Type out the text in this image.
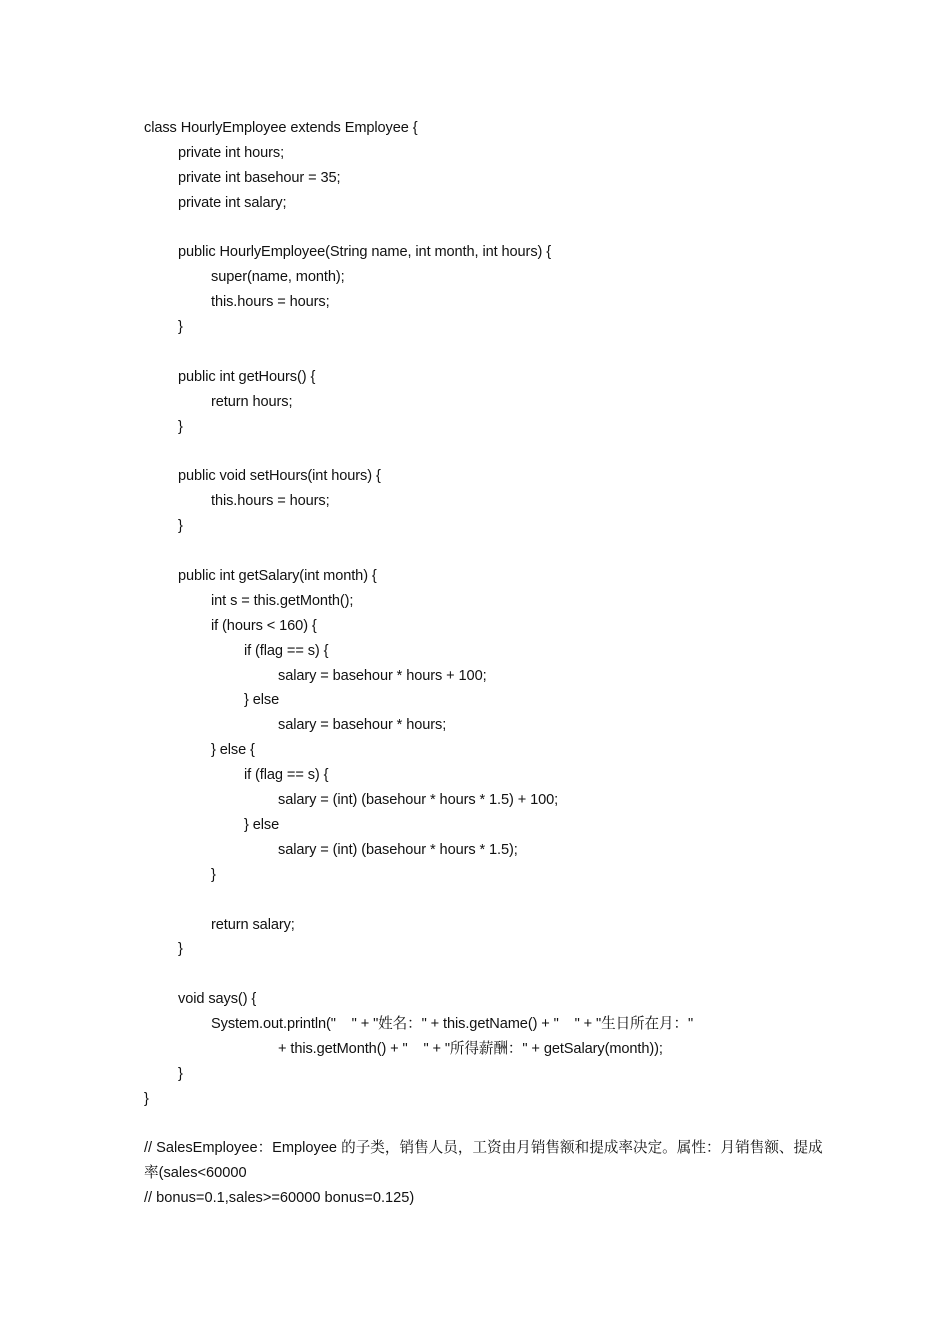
class HourlyEmployee extends Employee {
private int hours;
private int basehour = 35;
private int salary;
public HourlyEmployee(String name, int month, int hours) {
super(name, month);
this.hours = hours;
}
public int getHours() {
return hours;
}
public void setHours(int hours) {
this.hours = hours;
}
public int getSalary(int month) {
int s = this.getMonth();
if (hours < 160) {
if (flag == s) {
salary = basehour * hours + 100;
} else
salary = basehour * hours;
} else {
if (flag == s) {
salary = (int) (basehour * hours * 1.5) + 100;
} else
salary = (int) (basehour * hours * 1.5);
}
return salary;
}
void says() {
System.out.println("    " + "姓名：" + this.getName() + "    " + "生日所在月："
+ this.getMonth() + "    " + "所得薪酬：" + getSalary(month));
}
}
// SalesEmployee：Employee 的子类，销售人员，工资由月销售额和提成率决定。属性：月销售额、提成率(sales<60000
// bonus=0.1,sales>=60000 bonus=0.125)
